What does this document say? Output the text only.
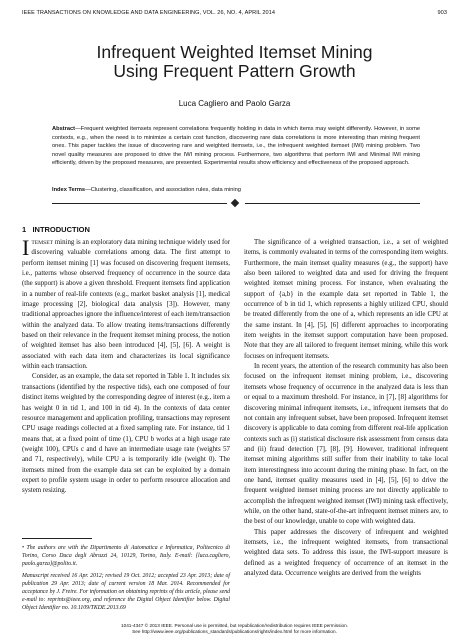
IEEE TRANSACTIONS ON KNOWLEDGE AND DATA ENGINEERING, VOL. 26, NO. 4, APRIL 2014	903
Infrequent Weighted Itemset Mining
Using Frequent Pattern Growth
Luca Cagliero and Paolo Garza
Abstract—Frequent weighted itemsets represent correlations frequently holding in data in which items may weight differently. However, in some contexts, e.g., when the need is to minimize a certain cost function, discovering rare data correlations is more interesting than mining frequent ones. This paper tackles the issue of discovering rare and weighted itemsets, i.e., the infrequent weighted itemset (IWI) mining problem. Two novel quality measures are proposed to drive the IWI mining process. Furthermore, two algorithms that perform IWI and Minimal IWI mining efficiently, driven by the proposed measures, are presented. Experimental results show efficiency and effectiveness of the proposed approach.
Index Terms—Clustering, classification, and association rules, data mining
1 INTRODUCTION

ITEMSET mining is an exploratory data mining technique widely used for discovering valuable correlations among data. The first attempt to perform itemset mining [1] was focused on discovering frequent itemsets, i.e., patterns whose observed frequency of occurrence in the source data (the support) is above a given threshold. Frequent itemsets find application in a number of real-life contexts (e.g., market basket analysis [1], medical image processing [2], biological data analysis [3]). However, many traditional approaches ignore the influence/interest of each item/transaction within the analyzed data. To allow treating items/transactions differently based on their relevance in the frequent itemset mining process, the notion of weighted itemset has also been introduced [4], [5], [6]. A weight is associated with each data item and characterizes its local significance within each transaction.

Consider, as an example, the data set reported in Table 1. It includes six transactions (identified by the respective tids), each one composed of four distinct items weighted by the corresponding degree of interest (e.g., item a has weight 0 in tid 1, and 100 in tid 4). In the contexts of data center resource management and application profiling, transactions may represent CPU usage readings collected at a fixed sampling rate. For instance, tid 1 means that, at a fixed point of time (1), CPU b works at a high usage rate (weight 100), CPUs c and d have an intermediate usage rate (weights 57 and 71, respectively), while CPU a is temporarily idle (weight 0). The itemsets mined from the example data set can be exploited by a domain expert to profile system usage in order to perform resource allocation and system resizing.

• The authors are with the Dipartimento di Automatica e Informatica, Politecnico di Torino, Corso Duca degli Abruzzi 24, 10129, Torino, Italy. E-mail: {luca.cagliero, paolo.garza}@polito.it.

Manuscript received 16 Apr. 2012; revised 19 Oct. 2012; accepted 23 Apr. 2013; date of publication 29 Apr. 2013; date of current version 18 Mar. 2014. Recommended for acceptance by J. Freire. For information on obtaining reprints of this article, please send e-mail to: reprints@ieee.org, and reference the Digital Object Identifier below. Digital Object Identifier no. 10.1109/TKDE.2013.69

The significance of a weighted transaction, i.e., a set of weighted items, is commonly evaluated in terms of the corresponding item weights. Furthermore, the main itemset quality measures (e.g., the support) have also been tailored to weighted data and used for driving the frequent weighted itemset mining process. For instance, when evaluating the support of {a,b} in the example data set reported in Table 1, the occurrence of b in tid 1, which represents a highly utilized CPU, should be treated differently from the one of a, which represents an idle CPU at the same instant. In [4], [5], [6] different approaches to incorporating item weights in the itemset support computation have been proposed. Note that they are all tailored to frequent itemset mining, while this work focuses on infrequent itemsets.

In recent years, the attention of the research community has also been focused on the infrequent itemset mining problem, i.e., discovering itemsets whose frequency of occurrence in the analyzed data is less than or equal to a maximum threshold. For instance, in [7], [8] algorithms for discovering minimal infrequent itemsets, i.e., infrequent itemsets that do not contain any infrequent subset, have been proposed. Infrequent itemset discovery is applicable to data coming from different real-life application contexts such as (i) statistical disclosure risk assessment from census data and (ii) fraud detection [7], [8], [9]. However, traditional infrequent itemset mining algorithms still suffer from their inability to take local item interestingness into account during the mining phase. In fact, on the one hand, itemset quality measures used in [4], [5], [6] to drive the frequent weighted itemset mining process are not directly applicable to accomplish the infrequent weighted itemset (IWI) mining task effectively, while, on the other hand, state-of-the-art infrequent itemset miners are, to the best of our knowledge, unable to cope with weighted data.

This paper addresses the discovery of infrequent and weighted itemsets, i.e., the infrequent weighted itemsets, from transactional weighted data sets. To address this issue, the IWI-support measure is defined as a weighted frequency of occurrence of an itemset in the analyzed data. Occurrence weights are derived from the weights

1041-4347 © 2013 IEEE. Personal use is permitted, but republication/redistribution requires IEEE permission.
See http://www.ieee.org/publications_standards/publications/rights/index.html for more information.
